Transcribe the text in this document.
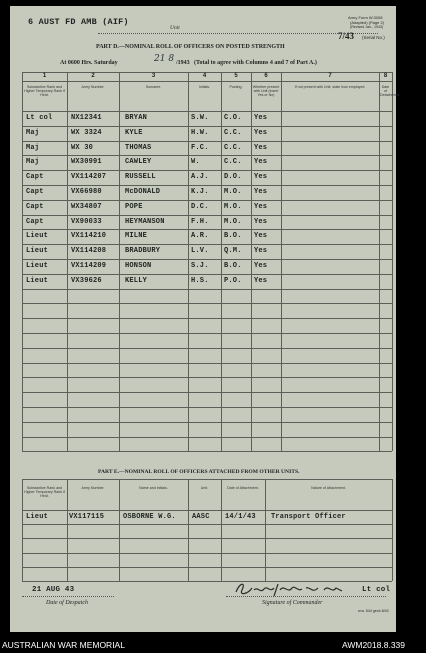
6 AUST FD AMB (AIF)
Unit
Army Form W.3008
(Adapted) (Page 2)
(Revised Jan., 1943)
7/43 (Serial No.)
PART D.—NOMINAL ROLL OF OFFICERS ON POSTED STRENGTH
At 0600 Hrs. Saturday	21 8 /1943 (Total to agree with Columns 4 and 7 of Part A.)
1	2	3	4	5	6	7	8
Substantive Rank and Higher Temporary Rank if Held.
Army Number.	Surname.	Initials.	Posting.	Whether present with Unit (insert Yes or No)
If not present with Unit, state how employed.	Date of Detachment.
Lt col	NX12341	BRYAN	S.W. C.O. Yes
Maj	WX 3324	KYLE	H.W. C.C. Yes
Maj	WX 30	THOMAS	F.C. C.C. Yes
Maj	WX30991	CAWLEY	W.	C.C. Yes
Capt	VX114207	RUSSELL	A.J. D.O. Yes
Capt	VX66980	McDONALD	K.J. M.O. Yes
Capt	WX34807	POPE	D.C. M.O. Yes
Capt	VX90033	HEYMANSON	F.H. M.O. Yes
Lieut	VX114210	MILNE	A.R. B.O. Yes
Lieut	VX114208	BRADBURY	L.V. Q.M. Yes
Lieut	VX114209	HONSON	S.J. B.O. Yes
Lieut	VX39626	KELLY	H.S. P.O. Yes
PART E.—NOMINAL ROLL OF OFFICERS ATTACHED FROM OTHER UNITS.
Substantive Rank and Higher Temporary Rank if Held.
Army Number.	Name and Initials.	Unit.	Date of Attachment.	Nature of Attachment.
Lieut	VX117115	OSBORNE W.G. AASC 14/1/43 Transport Officer
21 AUG 43
Date of Despatch
Lt col
Signature of Commander
w.w. 544 gecb 8/43
AUSTRALIAN WAR MEMORIAL	AWM2018.8.339
